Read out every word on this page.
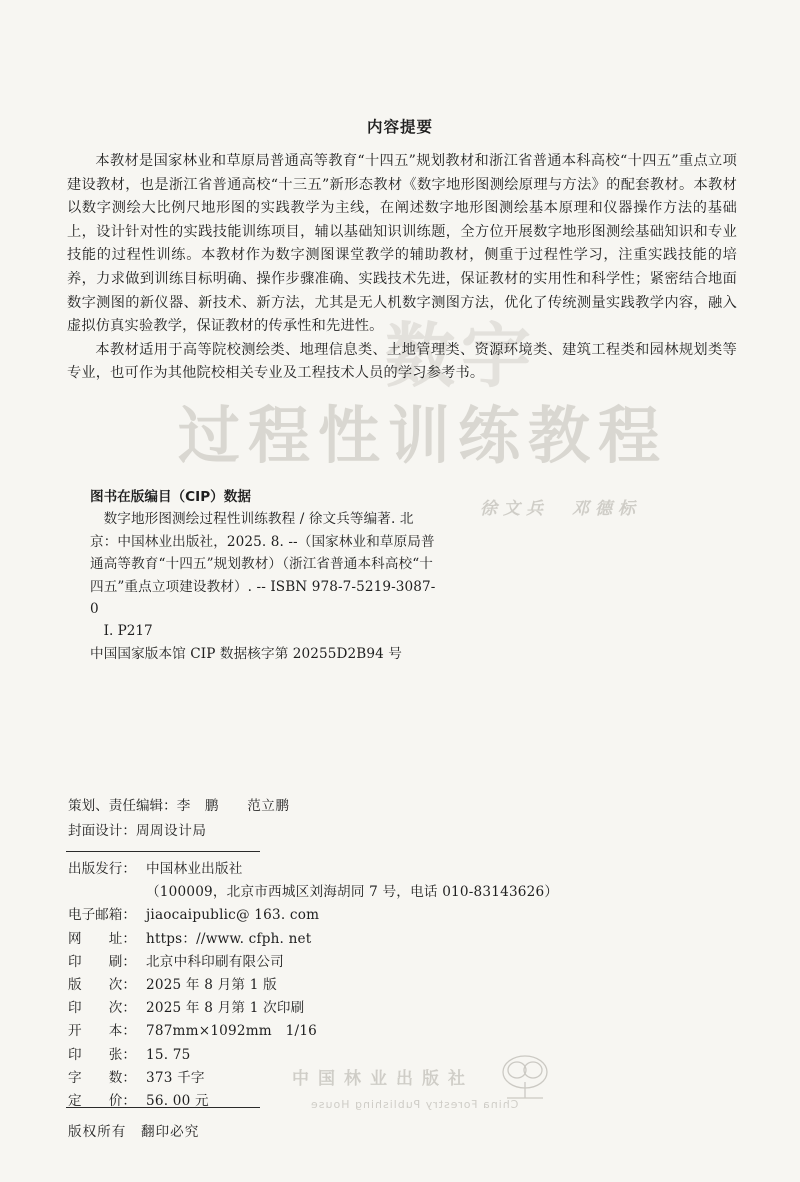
数字
过程性训练教程
徐文兵　邓德标
中国林业出版社
China Forestry Publishing House
内容提要

本教材是国家林业和草原局普通高等教育“十四五”规划教材和浙江省普通本科高校“十四五”重点立项建设教材，也是浙江省普通高校“十三五”新形态教材《数字地形图测绘原理与方法》的配套教材。本教材以数字测绘大比例尺地形图的实践教学为主线，在阐述数字地形图测绘基本原理和仪器操作方法的基础上，设计针对性的实践技能训练项目，辅以基础知识训练题，全方位开展数字地形图测绘基础知识和专业技能的过程性训练。本教材作为数字测图课堂教学的辅助教材，侧重于过程性学习，注重实践技能的培养，力求做到训练目标明确、操作步骤准确、实践技术先进，保证教材的实用性和科学性；紧密结合地面数字测图的新仪器、新技术、新方法，尤其是无人机数字测图方法，优化了传统测量实践教学内容，融入虚拟仿真实验教学，保证教材的传承性和先进性。

本教材适用于高等院校测绘类、地理信息类、土地管理类、资源环境类、建筑工程类和园林规划类等专业，也可作为其他院校相关专业及工程技术人员的学习参考书。

图书在版编目（CIP）数据

数字地形图测绘过程性训练教程 / 徐文兵等编著. 北京：中国林业出版社，2025. 8. --（国家林业和草原局普通高等教育“十四五”规划教材）（浙江省普通本科高校“十四五”重点立项建设教材）. -- ISBN 978-7-5219-3087-0

Ⅰ. P217

中国国家版本馆 CIP 数据核字第 20255D2B94 号

策划、责任编辑： 李　鹏　　范立鹏
封面设计： 周周设计局
出版发行： 中国林业出版社
（100009，北京市西城区刘海胡同 7 号，电话 010-83143626）
电子邮箱： jiaocaipublic@ 163. com
网　　址： https：//www. cfph. net
印　　刷： 北京中科印刷有限公司
版　　次： 2025 年 8 月第 1 版
印　　次： 2025 年 8 月第 1 次印刷
开　　本： 787mm×1092mm　1/16
印　　张： 15. 75
字　　数： 373 千字
定　　价： 56. 00 元
版权所有　翻印必究
